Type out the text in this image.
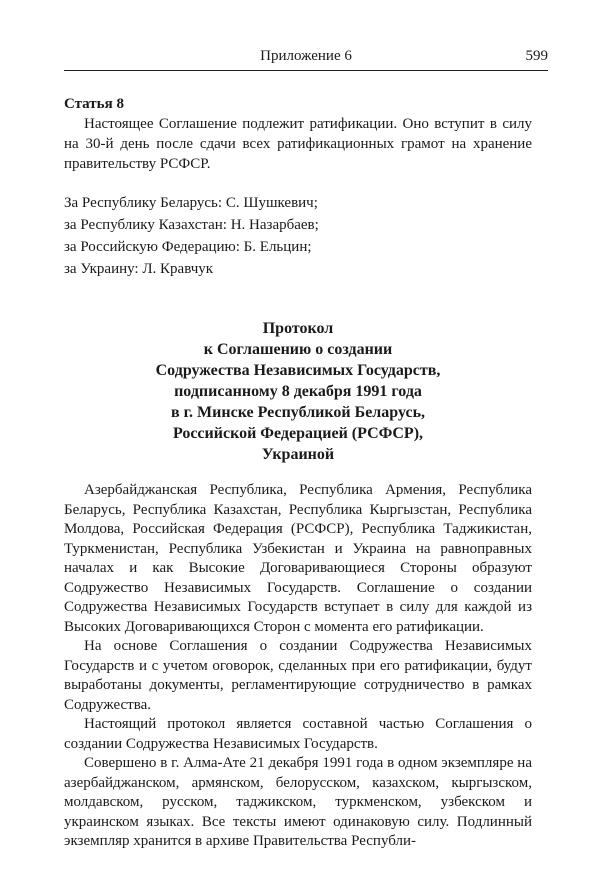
Приложение 6	599
Статья 8

Настоящее Соглашение подлежит ратификации. Оно вступит в силу на 30-й день после сдачи всех ратификационных грамот на хранение правительству РСФСР.

За Республику Беларусь: С. Шушкевич;
за Республику Казахстан: Н. Назарбаев;
за Российскую Федерацию: Б. Ельцин;
за Украину: Л. Кравчук
Протокол
к Соглашению о создании
Содружества Независимых Государств,
подписанному 8 декабря 1991 года
в г. Минске Республикой Беларусь,
Российской Федерацией (РСФСР),
Украиной

Азербайджанская Республика, Республика Армения, Республика Беларусь, Республика Казахстан, Республика Кыргызстан, Республика Молдова, Российская Федерация (РСФСР), Республика Таджикистан, Туркменистан, Республика Узбекистан и Украина на равноправных началах и как Высокие Договаривающиеся Стороны образуют Содружество Независимых Государств. Соглашение о создании Содружества Независимых Государств вступает в силу для каждой из Высоких Договаривающихся Сторон с момента его ратификации.

На основе Соглашения о создании Содружества Независимых Государств и с учетом оговорок, сделанных при его ратификации, будут выработаны документы, регламентирующие сотрудничество в рамках Содружества.

Настоящий протокол является составной частью Соглашения о создании Содружества Независимых Государств.

Совершено в г. Алма-Ате 21 декабря 1991 года в одном экземпляре на азербайджанском, армянском, белорусском, казахском, кыргызском, молдавском, русском, таджикском, туркменском, узбекском и украинском языках. Все тексты имеют одинаковую силу. Подлинный экземпляр хранится в архиве Правительства Республи-
